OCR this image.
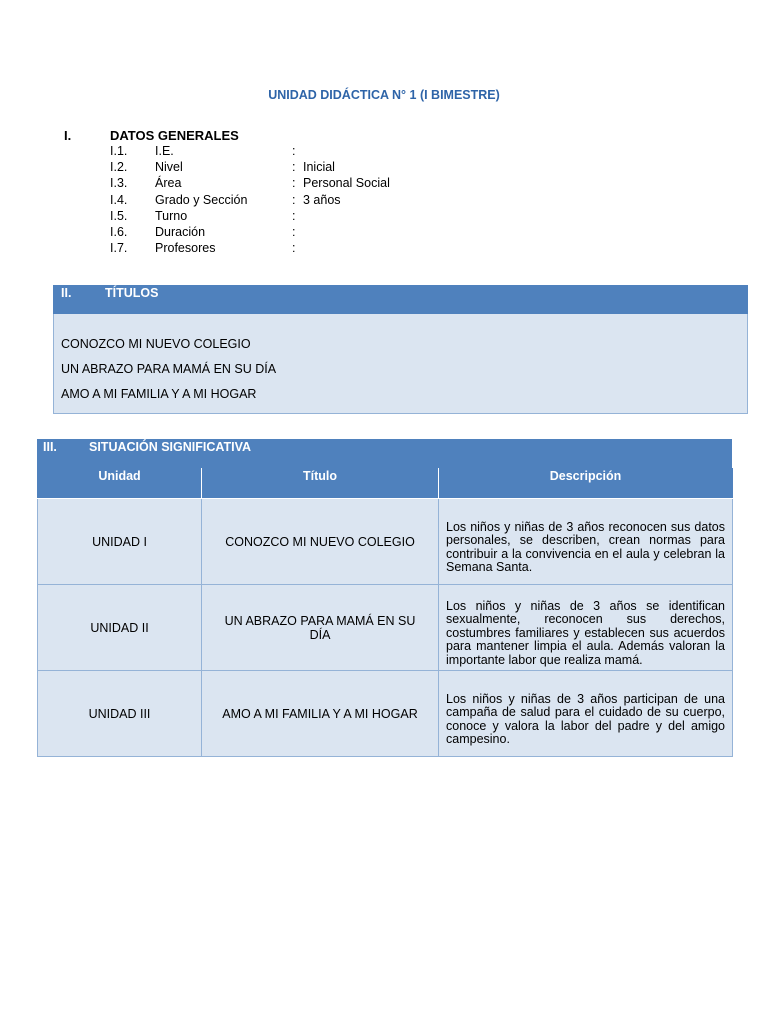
UNIDAD DIDÁCTICA N° 1 (I BIMESTRE)
I.	DATOS GENERALES
I.1. I.E.	:
I.2. Nivel	: Inicial
I.3. Área	: Personal Social
I.4. Grado y Sección	: 3 años
I.5. Turno	:
I.6. Duración	:
I.7. Profesores	:
II.	TÍTULOS
CONOZCO MI NUEVO COLEGIO
UN ABRAZO PARA MAMÁ EN SU DÍA
AMO A MI FAMILIA Y A MI HOGAR
III.	SITUACIÓN SIGNIFICATIVA
Unidad	Título	Descripción
UNIDAD I	CONOZCO MI NUEVO COLEGIO	Los niños y niñas de 3 años reconocen sus datos personales, se describen, crean normas para contribuir a la convivencia en el aula y celebran la Semana Santa.

UNIDAD II	UN ABRAZO PARA MAMÁ EN SU DÍA	Los niños y niñas de 3 años se identifican sexualmente, reconocen sus derechos, costumbres familiares y establecen sus acuerdos para mantener limpia el aula. Además valoran la importante labor que realiza mamá.

UNIDAD III	AMO A MI FAMILIA Y A MI HOGAR	Los niños y niñas de 3 años participan de una campaña de salud para el cuidado de su cuerpo, conoce y valora la labor del padre y del amigo campesino.
